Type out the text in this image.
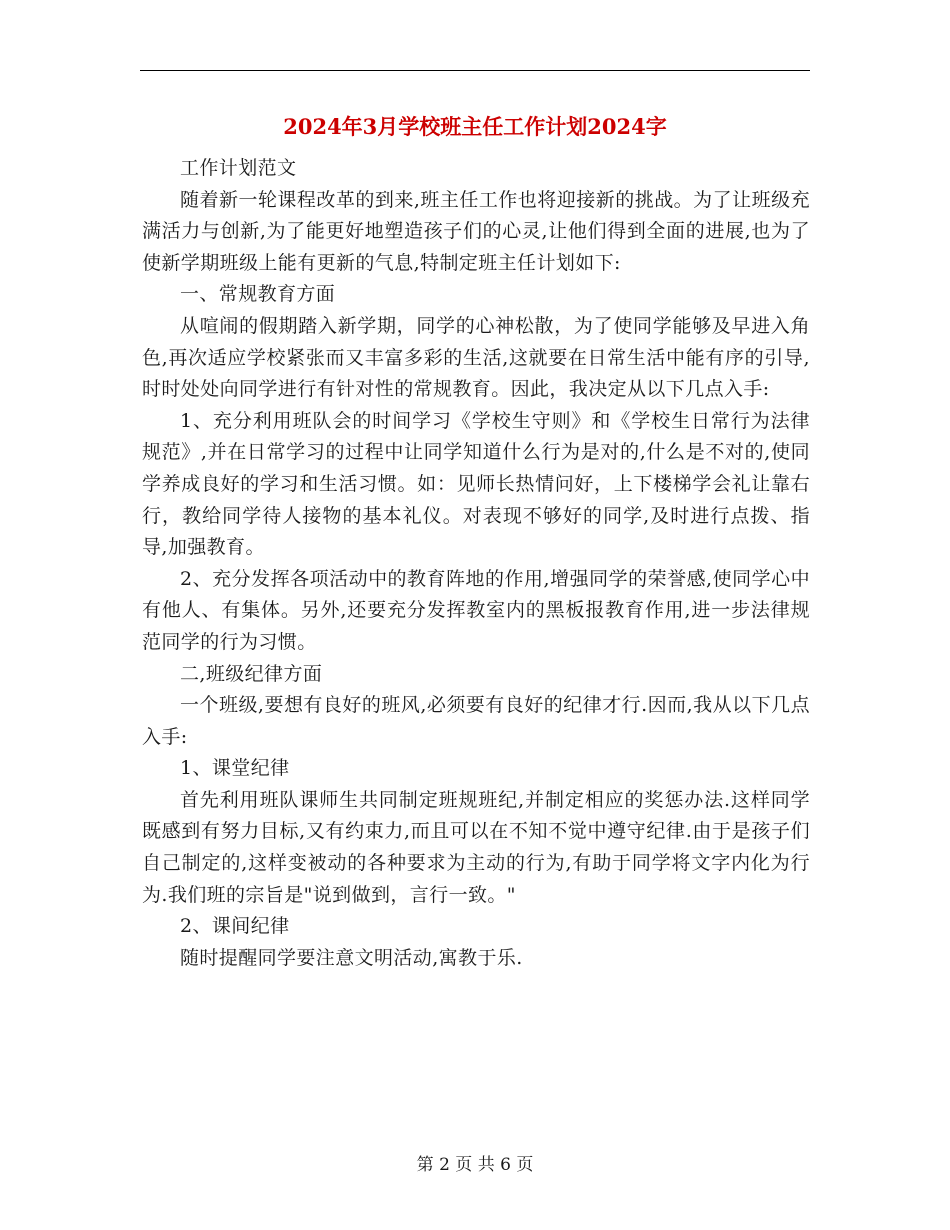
2024年3月学校班主任工作计划2024字

工作计划范文

随着新一轮课程改革的到来,班主任工作也将迎接新的挑战。为了让班级充满活力与创新,为了能更好地塑造孩子们的心灵,让他们得到全面的进展,也为了使新学期班级上能有更新的气息,特制定班主任计划如下:

一、常规教育方面

从喧闹的假期踏入新学期，同学的心神松散，为了使同学能够及早进入角色,再次适应学校紧张而又丰富多彩的生活,这就要在日常生活中能有序的引导,时时处处向同学进行有针对性的常规教育。因此，我决定从以下几点入手:

1、充分利用班队会的时间学习《学校生守则》和《学校生日常行为法律规范》,并在日常学习的过程中让同学知道什么行为是对的,什么是不对的,使同学养成良好的学习和生活习惯。如：见师长热情问好，上下楼梯学会礼让靠右行，教给同学待人接物的基本礼仪。对表现不够好的同学,及时进行点拨、指导,加强教育。

2、充分发挥各项活动中的教育阵地的作用,增强同学的荣誉感,使同学心中有他人、有集体。另外,还要充分发挥教室内的黑板报教育作用,进一步法律规范同学的行为习惯。

二,班级纪律方面

一个班级,要想有良好的班风,必须要有良好的纪律才行.因而,我从以下几点入手:

1、课堂纪律

首先利用班队课师生共同制定班规班纪,并制定相应的奖惩办法.这样同学既感到有努力目标,又有约束力,而且可以在不知不觉中遵守纪律.由于是孩子们自己制定的,这样变被动的各种要求为主动的行为,有助于同学将文字内化为行为.我们班的宗旨是"说到做到，言行一致。"

2、课间纪律

随时提醒同学要注意文明活动,寓教于乐.

第 2 页 共 6 页
